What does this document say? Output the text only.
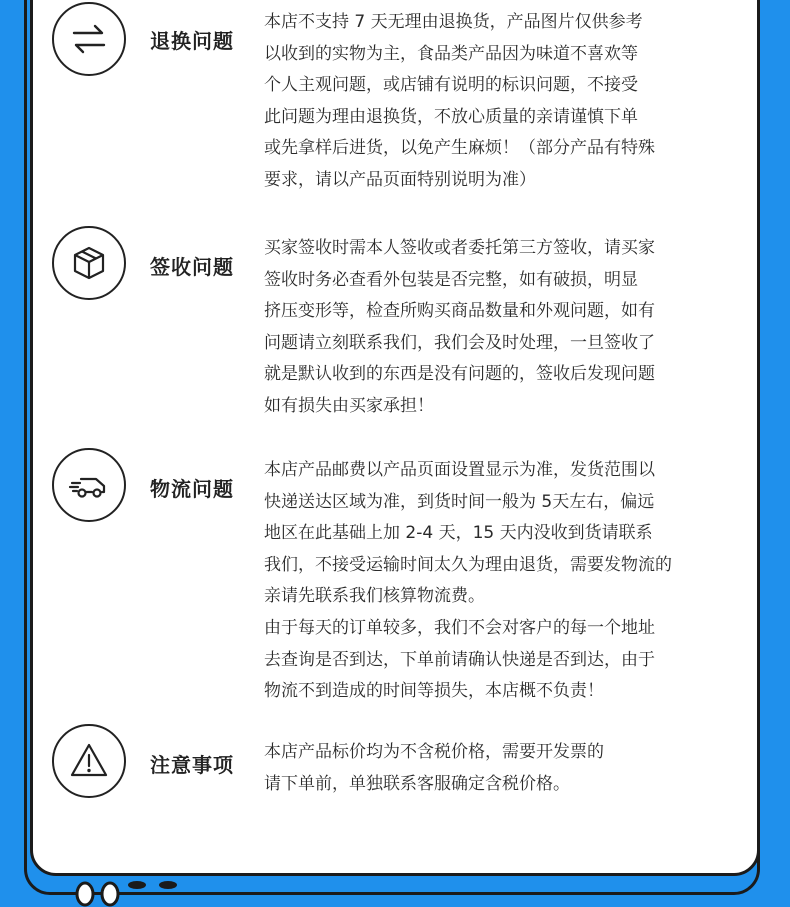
退换问题
本店不支持 7 天无理由退换货，产品图片仅供参考
以收到的实物为主，食品类产品因为味道不喜欢等
个人主观问题，或店铺有说明的标识问题，不接受
此问题为理由退换货，不放心质量的亲请谨慎下单
或先拿样后进货，以免产生麻烦！（部分产品有特殊
要求，请以产品页面特别说明为准）
签收问题
买家签收时需本人签收或者委托第三方签收，请买家
签收时务必查看外包装是否完整，如有破损，明显
挤压变形等，检查所购买商品数量和外观问题，如有
问题请立刻联系我们，我们会及时处理，一旦签收了
就是默认收到的东西是没有问题的，签收后发现问题
如有损失由买家承担！
物流问题
本店产品邮费以产品页面设置显示为准，发货范围以
快递送达区域为准，到货时间一般为 5天左右，偏远
地区在此基础上加 2-4 天，15 天内没收到货请联系
我们，不接受运输时间太久为理由退货，需要发物流的
亲请先联系我们核算物流费。
由于每天的订单较多，我们不会对客户的每一个地址
去查询是否到达，下单前请确认快递是否到达，由于
物流不到造成的时间等损失，本店概不负责！
注意事项
本店产品标价均为不含税价格，需要开发票的
请下单前，单独联系客服确定含税价格。
